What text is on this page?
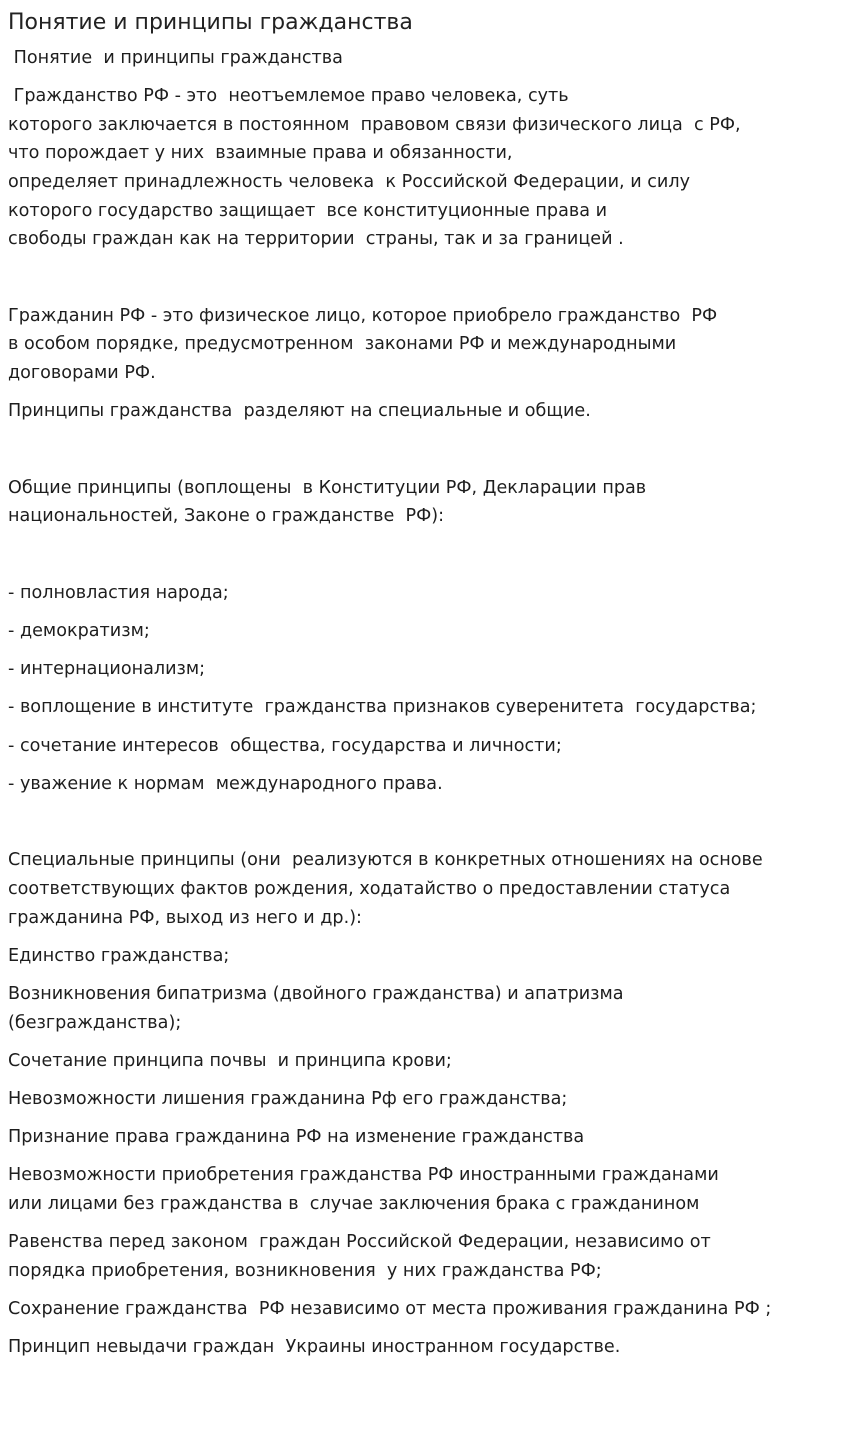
Понятие и принципы гражданства
Понятие  и принципы гражданства
Гражданство РФ - это  неотъемлемое право человека, суть
которого заключается в постоянном  правовом связи физического лица  с РФ,
что порождает у них  взаимные права и обязанности,
определяет принадлежность человека  к Российской Федерации, и силу
которого государство защищает  все конституционные права и
свободы граждан как на территории  страны, так и за границей .
Гражданин РФ - это физическое лицо, которое приобрело гражданство  РФ
в особом порядке, предусмотренном  законами РФ и международными
договорами РФ.
Принципы гражданства  разделяют на специальные и общие.
Общие принципы (воплощены  в Конституции РФ, Декларации прав
национальностей, Законе о гражданстве  РФ):
- полновластия народа;
- демократизм;
- интернационализм;
- воплощение в институте  гражданства признаков суверенитета  государства;
- сочетание интересов  общества, государства и личности;
- уважение к нормам  международного права.
Специальные принципы (они  реализуются в конкретных отношениях на основе
соответствующих фактов рождения, ходатайство о предоставлении статуса
гражданина РФ, выход из него и др.):
Единство гражданства;
Возникновения бипатризма (двойного гражданства) и апатризма
(безгражданства);
Сочетание принципа почвы  и принципа крови;
Невозможности лишения гражданина Рф его гражданства;
Признание права гражданина РФ на изменение гражданства
Невозможности приобретения гражданства РФ иностранными гражданами
или лицами без гражданства в  случае заключения брака с гражданином
Равенства перед законом  граждан Российской Федерации, независимо от
порядка приобретения, возникновения  у них гражданства РФ;
Сохранение гражданства  РФ независимо от места проживания гражданина РФ ;
Принцип невыдачи граждан  Украины иностранном государстве.
